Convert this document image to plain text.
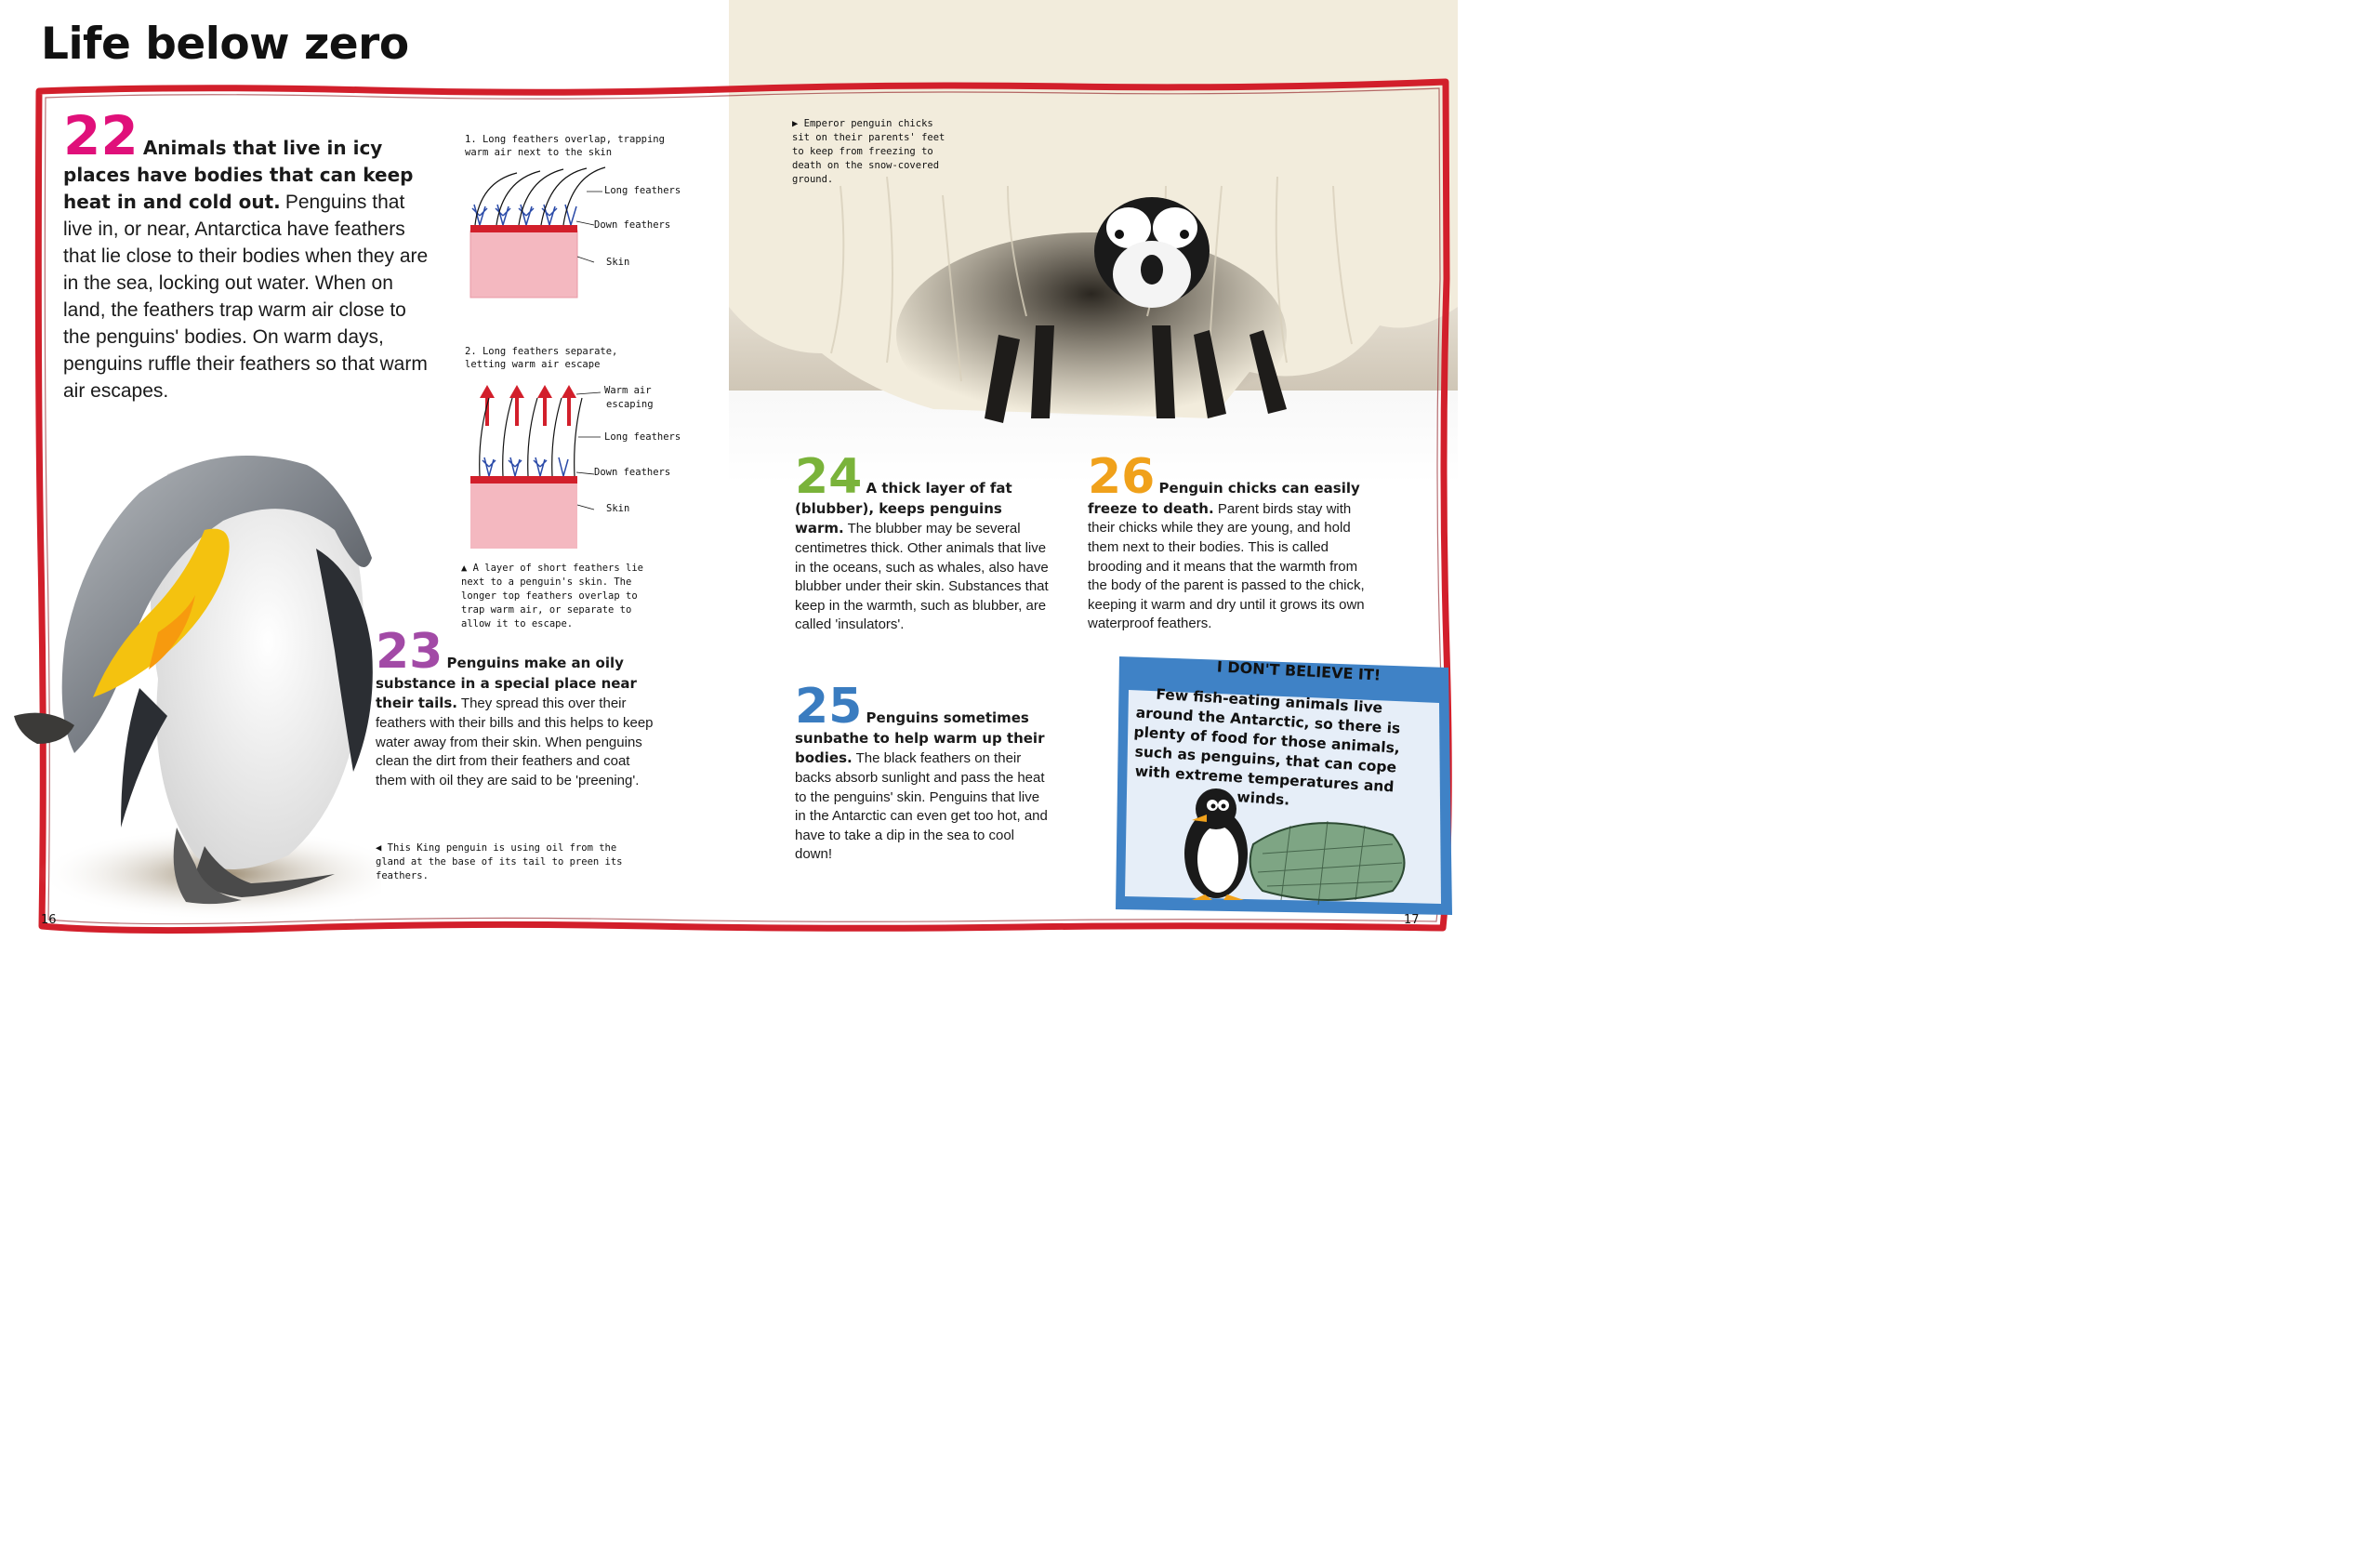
Life below zero
22 Animals that live in icy places have bodies that can keep heat in and cold out. Penguins that live in, or near, Antarctica have feathers that lie close to their bodies when they are in the sea, locking out water. When on land, the feathers trap warm air close to the penguins' bodies. On warm days, penguins ruffle their feathers so that warm air escapes.
1. Long feathers overlap, trapping
warm air next to the skin
Long feathers
Down feathers
Skin
2. Long feathers separate,
letting warm air escape
Warm air
escaping
Long feathers
Down feathers
Skin
▲ A layer of short feathers lie next to a penguin's skin. The longer top feathers overlap to trap warm air, or separate to allow it to escape.
23 Penguins make an oily substance in a special place near their tails. They spread this over their feathers with their bills and this helps to keep water away from their skin. When penguins clean the dirt from their feathers and coat them with oil they are said to be 'preening'.
◀ This King penguin is using oil from the gland at the base of its tail to preen its feathers.
▶ Emperor penguin chicks sit on their parents' feet to keep from freezing to death on the snow-covered ground.
24 A thick layer of fat (blubber), keeps penguins warm. The blubber may be several centimetres thick. Other animals that live in the oceans, such as whales, also have blubber under their skin. Substances that keep in the warmth, such as blubber, are called 'insulators'.
25 Penguins sometimes sunbathe to help warm up their bodies. The black feathers on their backs absorb sunlight and pass the heat to the penguins' skin. Penguins that live in the Antarctic can even get too hot, and have to take a dip in the sea to cool down!
26 Penguin chicks can easily freeze to death. Parent birds stay with their chicks while they are young, and hold them next to their bodies. This is called brooding and it means that the warmth from the body of the parent is passed to the chick, keeping it warm and dry until it grows its own waterproof feathers.
I DON'T BELIEVE IT!
Few fish-eating animals live around the Antarctic, so there is plenty of food for those animals, such as penguins, that can cope with extreme temperatures and winds.
16	17
